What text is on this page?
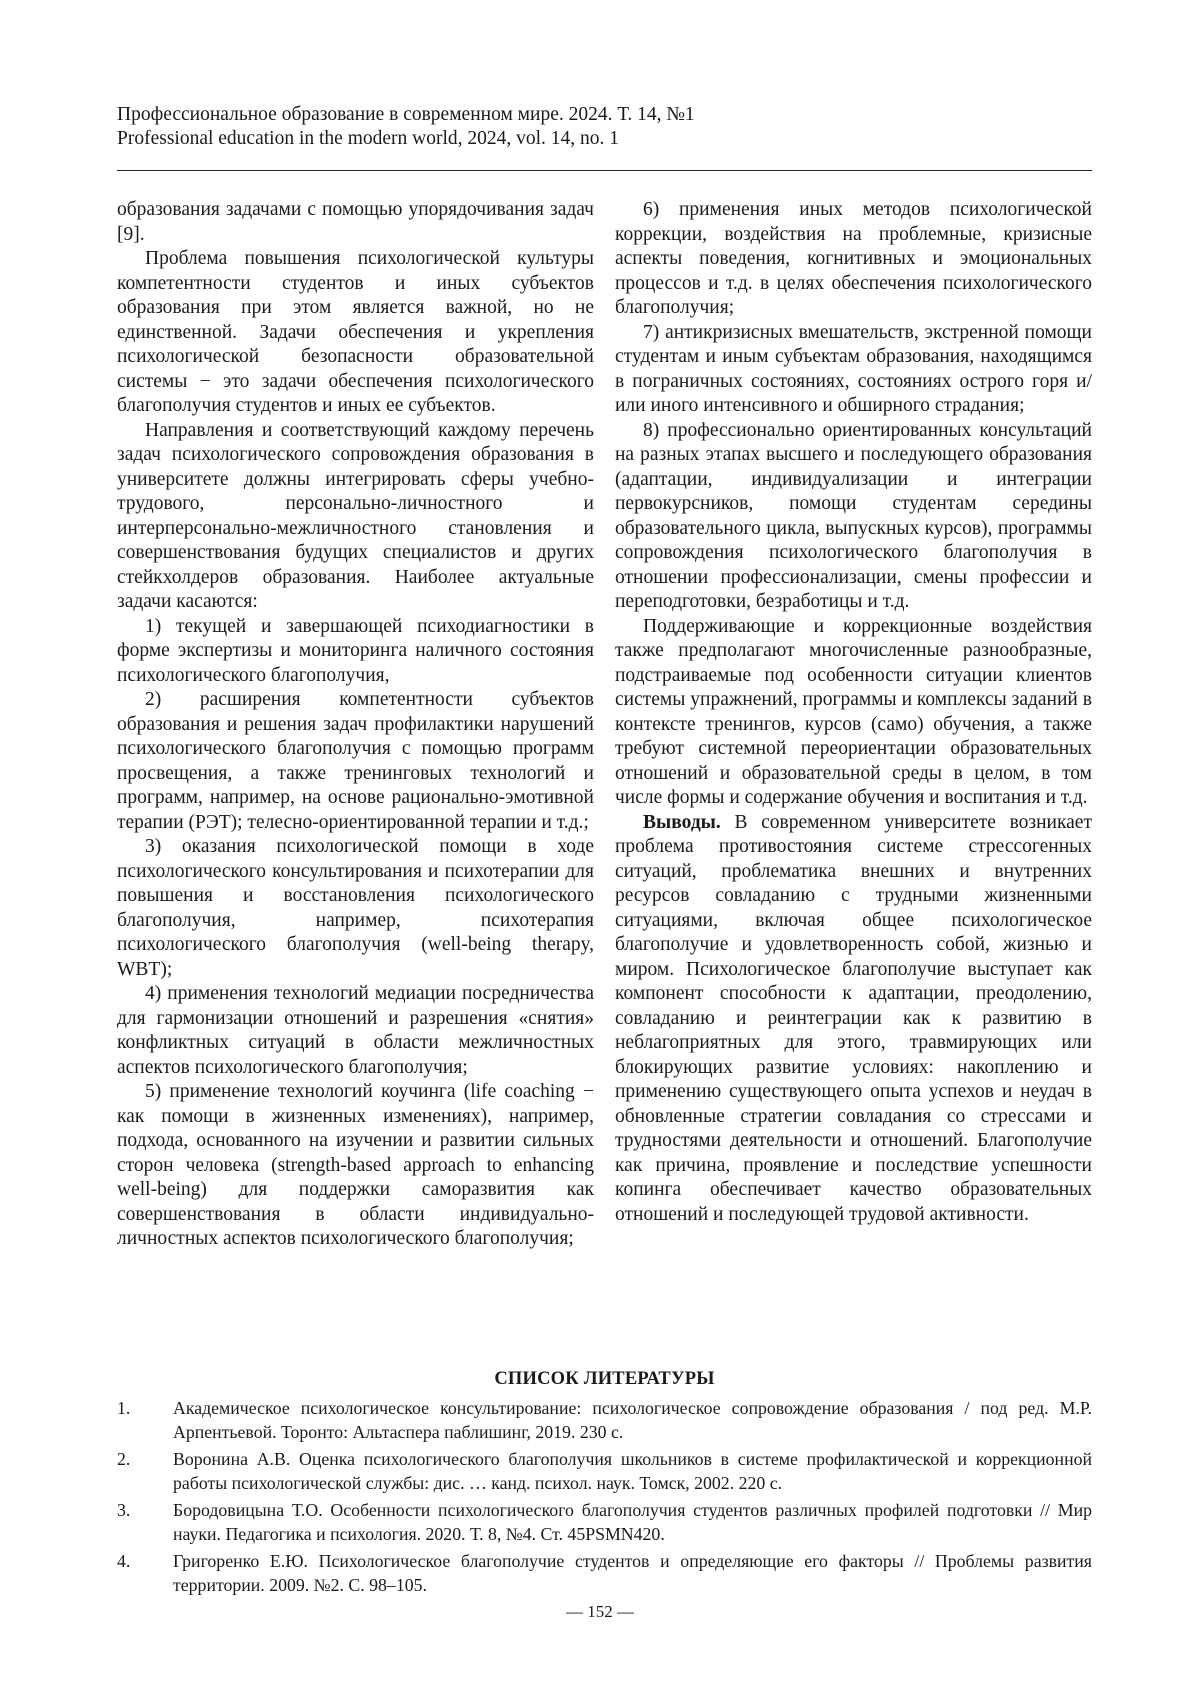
Профессиональное образование в современном мире. 2024. Т. 14, №1
Professional education in the modern world, 2024, vol. 14, no. 1

образования задачами с помощью упорядочивания задач [9].

Проблема повышения психологической культуры компетентности студентов и иных субъектов образования при этом является важной, но не единственной. Задачи обеспечения и укрепления психологической безопасности образовательной системы − это задачи обеспечения психологического благополучия студентов и иных ее субъектов.

Направления и соответствующий каждому перечень задач психологического сопровождения образования в университете должны интегрировать сферы учебно-трудового, персонально-личностного и интерперсонально-межличностного становления и совершенствования будущих специалистов и других стейкхолдеров образования. Наиболее актуальные задачи касаются:

1) текущей и завершающей психодиагностики в форме экспертизы и мониторинга наличного состояния психологического благополучия,

2) расширения компетентности субъектов образования и решения задач профилактики нарушений психологического благополучия с помощью программ просвещения, а также тренинговых технологий и программ, например, на основе рационально-эмотивной терапии (РЭТ); телесно-ориентированной терапии и т.д.;

3) оказания психологической помощи в ходе психологического консультирования и психотерапии для повышения и восстановления психологического благополучия, например, психотерапия психологического благополучия (well-being therapy, WBT);

4) применения технологий медиации посредничества для гармонизации отношений и разрешения «снятия» конфликтных ситуаций в области межличностных аспектов психологического благополучия;

5) применение технологий коучинга (life coaching − как помощи в жизненных изменениях), например, подхода, основанного на изучении и развитии сильных сторон человека (strength-based approach to enhancing well-being) для поддержки саморазвития как совершенствования в области индивидуально-личностных аспектов психологического благополучия;

6) применения иных методов психологической коррекции, воздействия на проблемные, кризисные аспекты поведения, когнитивных и эмоциональных процессов и т.д. в целях обеспечения психологического благополучия;

7) антикризисных вмешательств, экстренной помощи студентам и иным субъектам образования, находящимся в пограничных состояниях, состояниях острого горя и/или иного интенсивного и обширного страдания;

8) профессионально ориентированных консультаций на разных этапах высшего и последующего образования (адаптации, индивидуализации и интеграции первокурсников, помощи студентам середины образовательного цикла, выпускных курсов), программы сопровождения психологического благополучия в отношении профессионализации, смены профессии и переподготовки, безработицы и т.д.

Поддерживающие и коррекционные воздействия также предполагают многочисленные разнообразные, подстраиваемые под особенности ситуации клиентов системы упражнений, программы и комплексы заданий в контексте тренингов, курсов (само) обучения, а также требуют системной переориентации образовательных отношений и образовательной среды в целом, в том числе формы и содержание обучения и воспитания и т.д.

Выводы. В современном университете возникает проблема противостояния системе стрессогенных ситуаций, проблематика внешних и внутренних ресурсов совладанию с трудными жизненными ситуациями, включая общее психологическое благополучие и удовлетворенность собой, жизнью и миром. Психологическое благополучие выступает как компонент способности к адаптации, преодолению, совладанию и реинтеграции как к развитию в неблагоприятных для этого, травмирующих или блокирующих развитие условиях: накоплению и применению существующего опыта успехов и неудач в обновленные стратегии совладания со стрессами и трудностями деятельности и отношений. Благополучие как причина, проявление и последствие успешности копинга обеспечивает качество образовательных отношений и последующей трудовой активности.

СПИСОК ЛИТЕРАТУРЫ
1.	Академическое психологическое консультирование: психологическое сопровождение образования / под ред. М.Р. Арпентьевой. Торонто: Альтаспера паблишинг, 2019. 230 с.
2.	Воронина А.В. Оценка психологического благополучия школьников в системе профилактической и коррекционной работы психологической службы: дис. … канд. психол. наук. Томск, 2002. 220 с.
3.	Бородовицына Т.О. Особенности психологического благополучия студентов различных профилей подготовки // Мир науки. Педагогика и психология. 2020. Т. 8, №4. Ст. 45PSMN420.
4.	Григоренко Е.Ю. Психологическое благополучие студентов и определяющие его факторы // Проблемы развития территории. 2009. №2. С. 98–105.
— 152 —
